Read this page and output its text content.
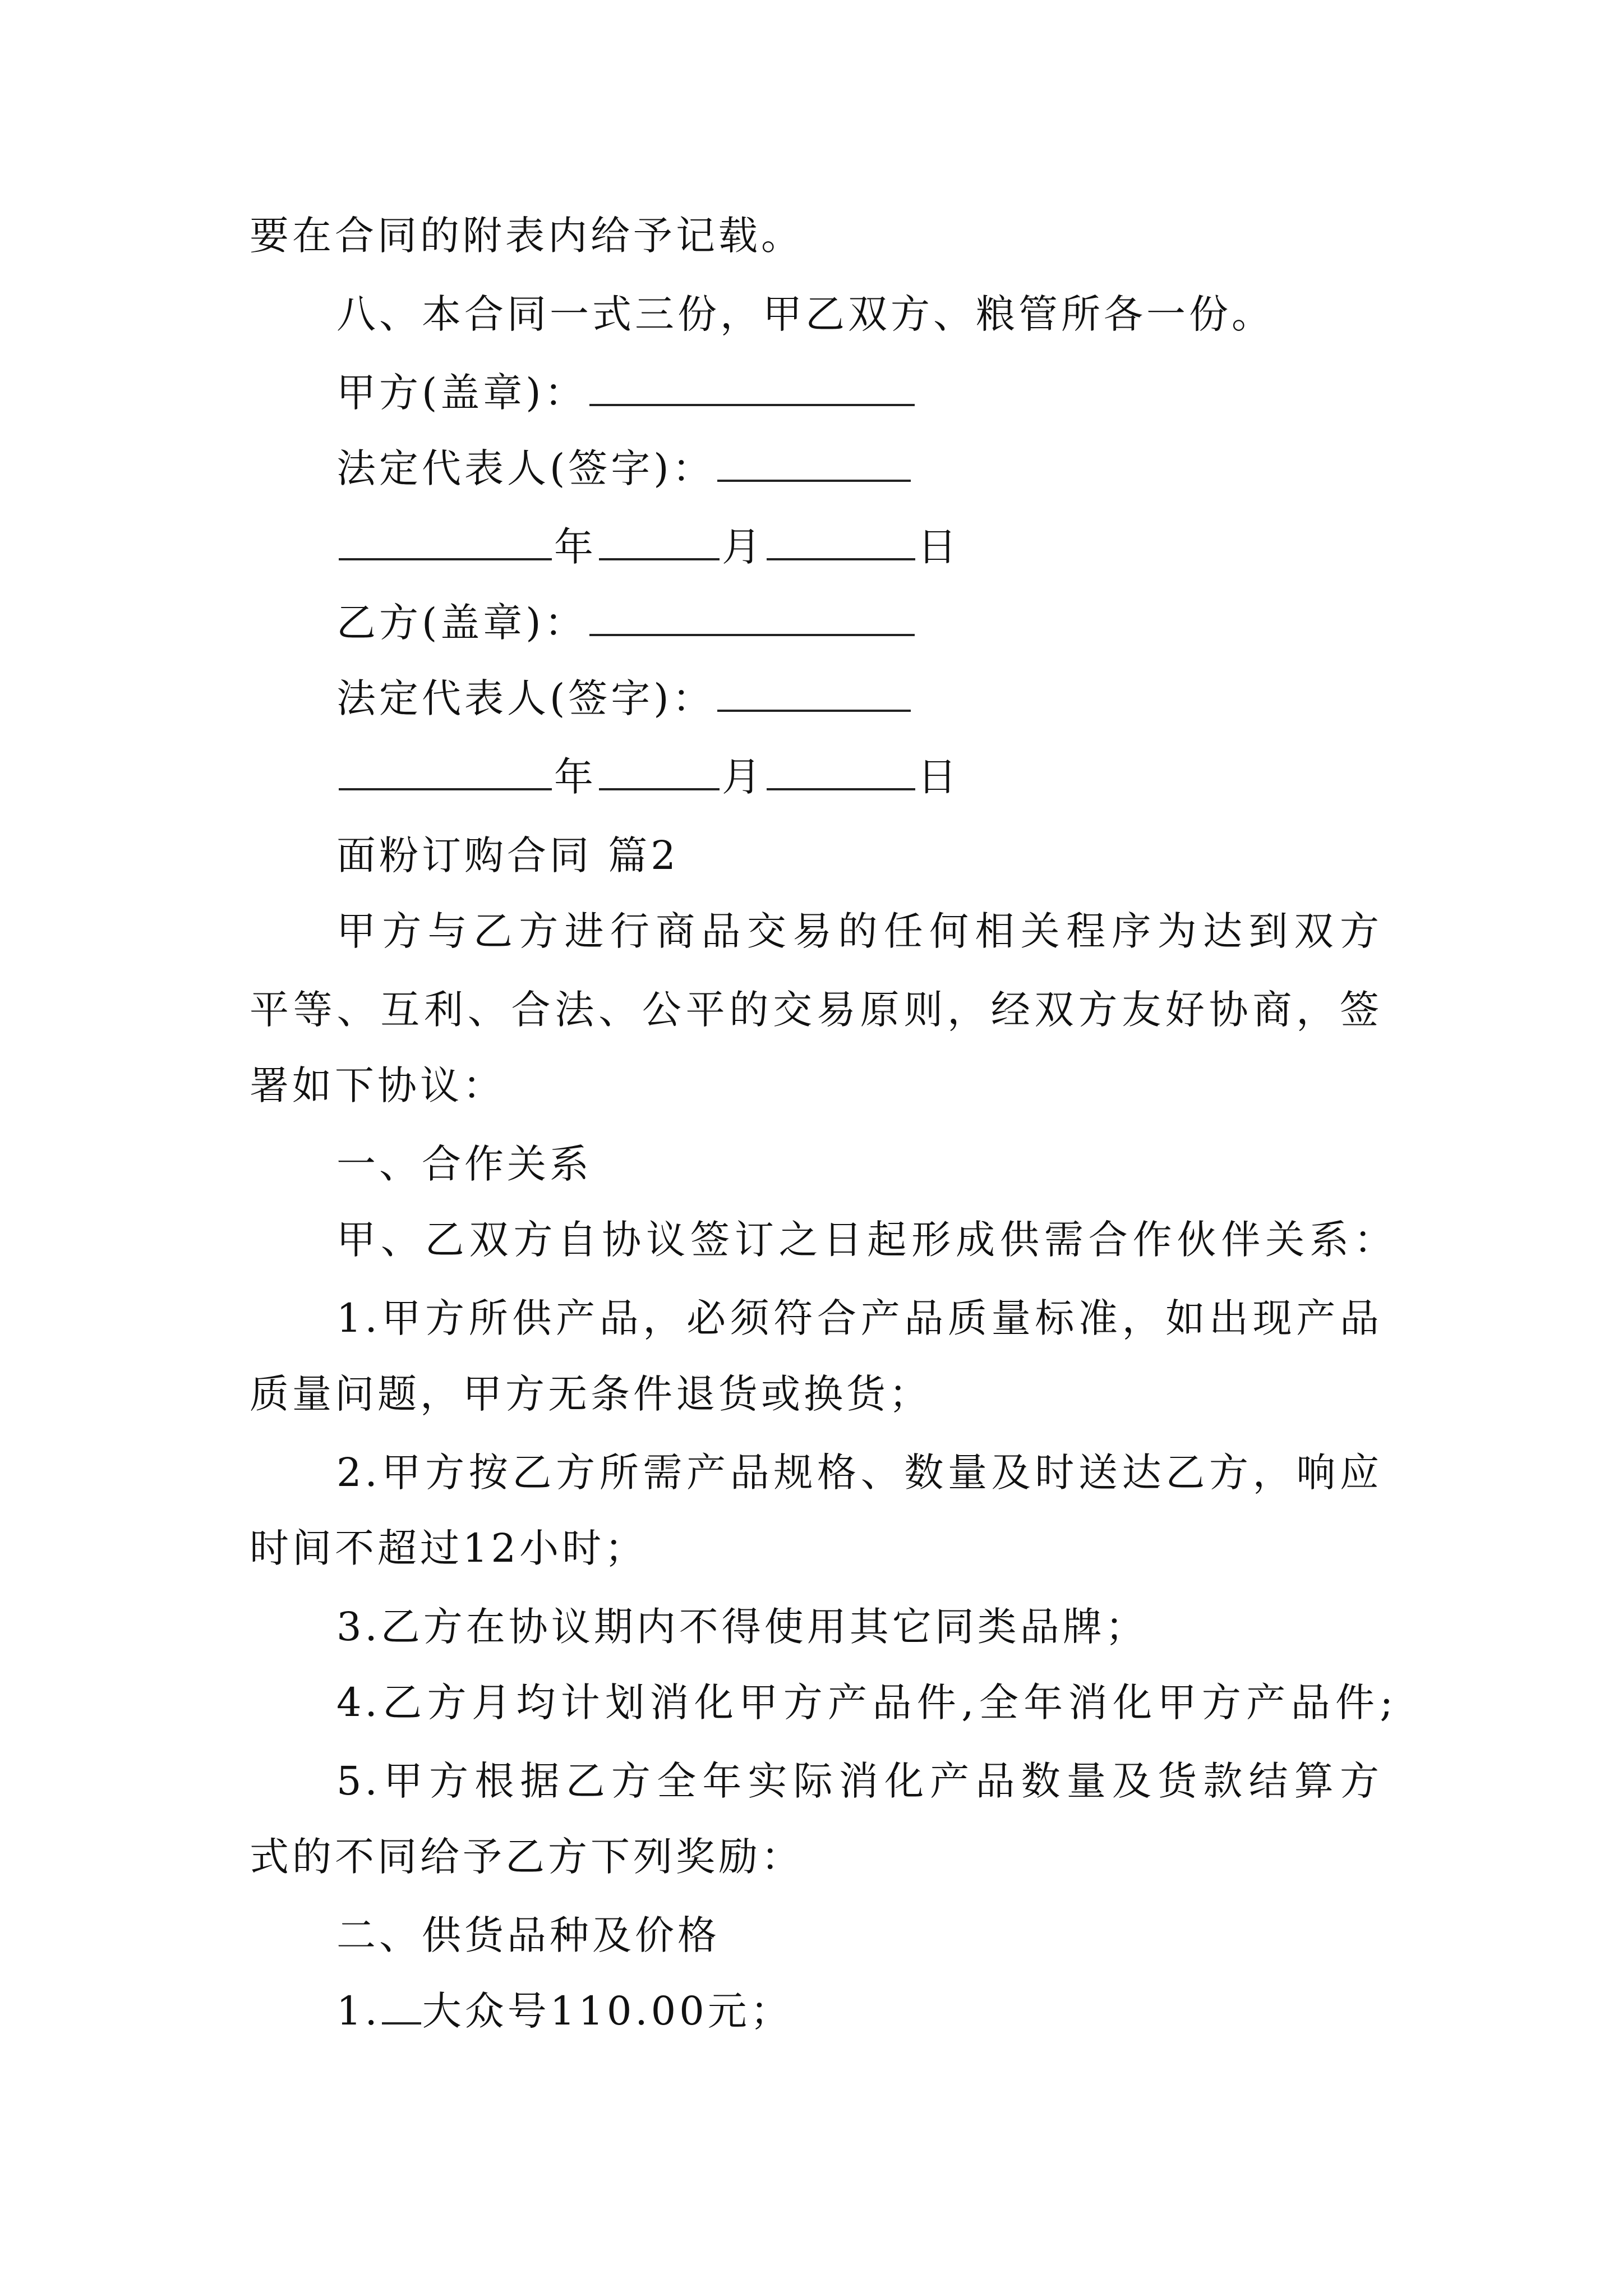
要在合同的附表内给予记载。
八、本合同一式三份，甲乙双方、粮管所各一份。
甲方(盖章)：
法定代表人(签字)：
年	月	日
乙方(盖章)：
法定代表人(签字)：
年	月	日
面粉订购合同 篇2
甲方与乙方进行商品交易的任何相关程序为达到双方
平等、互利、合法、公平的交易原则，经双方友好协商，签
署如下协议：
一、合作关系
甲、乙双方自协议签订之日起形成供需合作伙伴关系：
1.甲方所供产品，必须符合产品质量标准，如出现产品
质量问题，甲方无条件退货或换货；
2.甲方按乙方所需产品规格、数量及时送达乙方，响应
时间不超过12小时；
3.乙方在协议期内不得使用其它同类品牌；
4.乙方月均计划消化甲方产品件,全年消化甲方产品件;
5.甲方根据乙方全年实际消化产品数量及货款结算方
式的不同给予乙方下列奖励：
二、供货品种及价格
1. 大众号110.00元；
